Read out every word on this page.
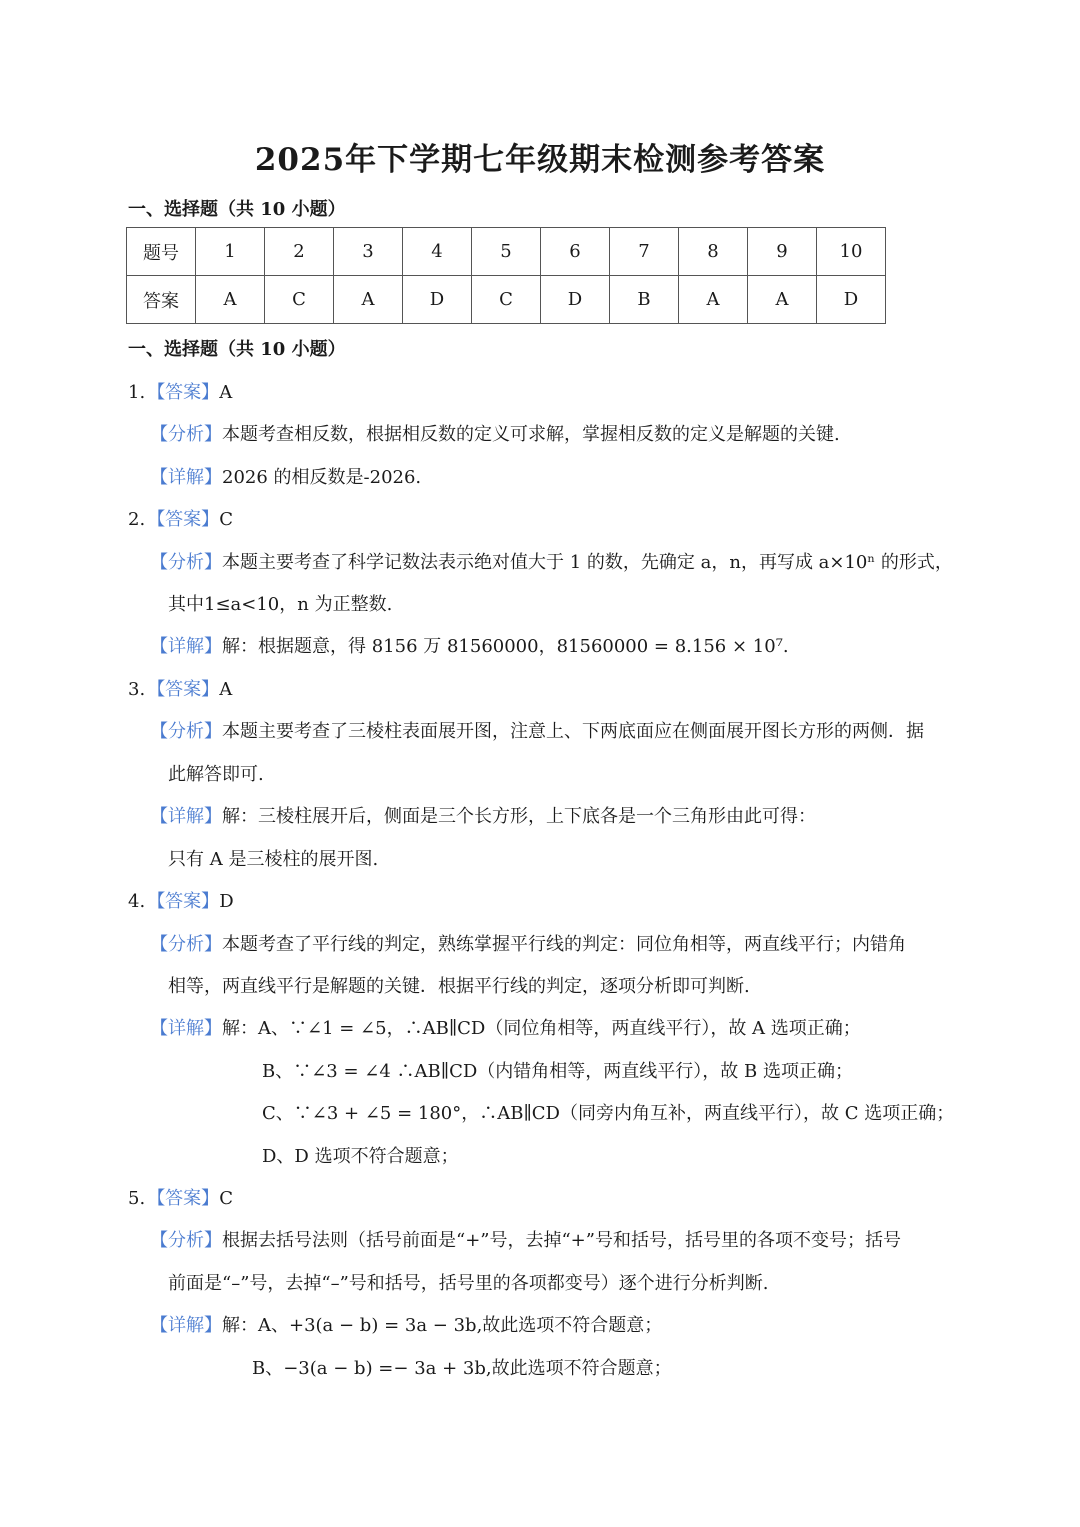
2025年下学期七年级期末检测参考答案
一、选择题（共 10 小题）
题号	1	2	3	4	5	6	7	8	9	10
答案	A	C	A	D	C	D	B	A	A	D
一、选择题（共 10 小题）
1. 【答案】A
【分析】本题考查相反数，根据相反数的定义可求解，掌握相反数的定义是解题的关键.
【详解】2026 的相反数是-2026.
2. 【答案】C
【分析】本题主要考查了科学记数法表示绝对值大于 1 的数，先确定 a，n，再写成 a×10ⁿ 的形式，
其中1≤a<10，n 为正整数.
【详解】解：根据题意，得 8156 万 81560000，81560000 = 8.156 × 10⁷.
3. 【答案】A
【分析】本题主要考查了三棱柱表面展开图，注意上、下两底面应在侧面展开图长方形的两侧．据
此解答即可.
【详解】解：三棱柱展开后，侧面是三个长方形，上下底各是一个三角形由此可得：
只有 A 是三棱柱的展开图.
4. 【答案】D
【分析】本题考查了平行线的判定，熟练掌握平行线的判定：同位角相等，两直线平行；内错角
相等，两直线平行是解题的关键．根据平行线的判定，逐项分析即可判断.
【详解】解：A、∵∠1 = ∠5，∴AB∥CD（同位角相等，两直线平行），故 A 选项正确；
B、∵∠3 = ∠4 ∴AB∥CD（内错角相等，两直线平行），故 B 选项正确；
C、∵∠3 + ∠5 = 180°，∴AB∥CD（同旁内角互补，两直线平行），故 C 选项正确；
D、D 选项不符合题意；
5. 【答案】C
【分析】根据去括号法则（括号前面是“+”号，去掉“+”号和括号，括号里的各项不变号；括号
前面是“–”号，去掉“–”号和括号，括号里的各项都变号）逐个进行分析判断.
【详解】解：A、+3(a − b) = 3a − 3b,故此选项不符合题意；
B、−3(a − b) =− 3a + 3b,故此选项不符合题意；
